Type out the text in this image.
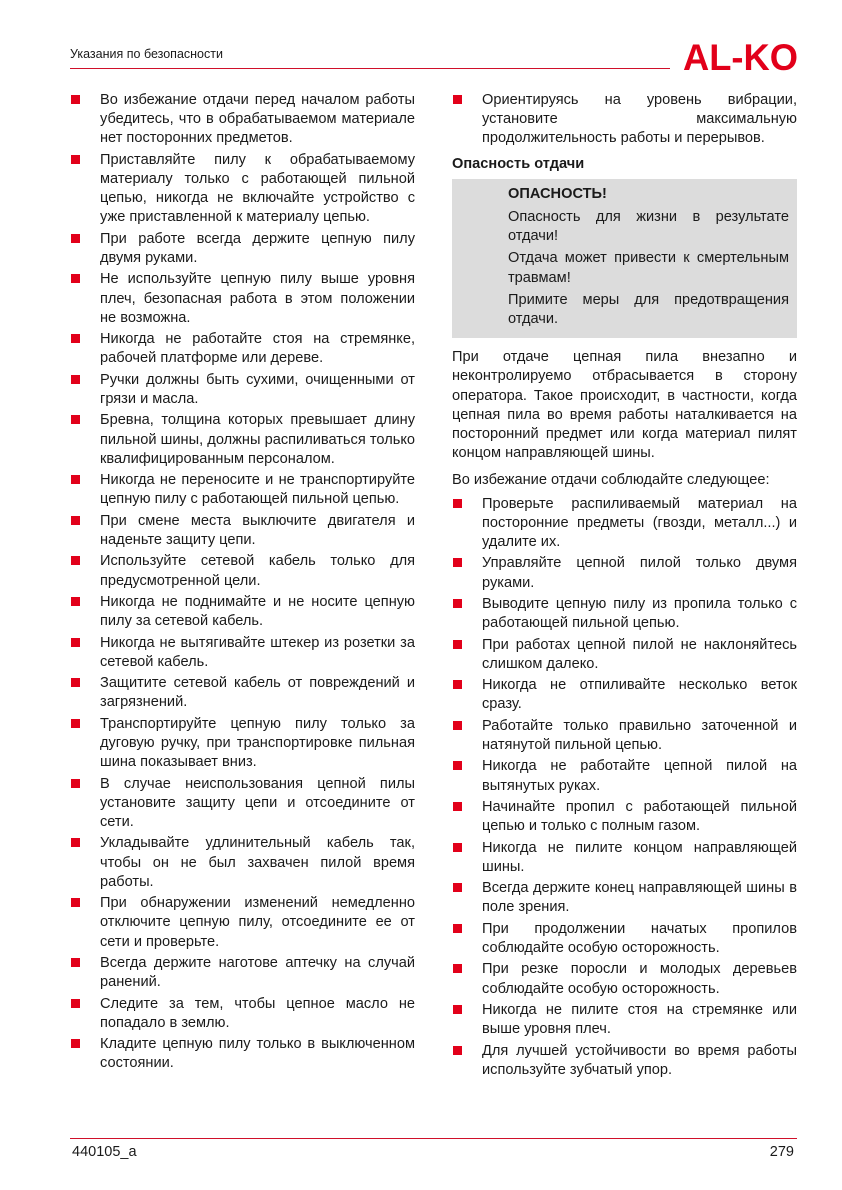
Указания по безопасности	AL-KO
Во избежание отдачи перед началом работы убедитесь, что в обрабатываемом материале нет посторонних предметов.
Приставляйте пилу к обрабатываемому материалу только с работающей пильной цепью, никогда не включайте устройство с уже приставленной к материалу цепью.
При работе всегда держите цепную пилу двумя руками.
Не используйте цепную пилу выше уровня плеч, безопасная работа в этом положении не возможна.
Никогда не работайте стоя на стремянке, рабочей платформе или дереве.
Ручки должны быть сухими, очищенными от грязи и масла.
Бревна, толщина которых превышает длину пильной шины, должны распиливаться только квалифицированным персоналом.
Никогда не переносите и не транспортируйте цепную пилу с работающей пильной цепью.
При смене места выключите двигателя и наденьте защиту цепи.
Используйте сетевой кабель только для предусмотренной цели.
Никогда не поднимайте и не носите цепную пилу за сетевой кабель.
Никогда не вытягивайте штекер из розетки за сетевой кабель.
Защитите сетевой кабель от повреждений и загрязнений.
Транспортируйте цепную пилу только за дуговую ручку, при транспортировке пильная шина показывает вниз.
В случае неиспользования цепной пилы установите защиту цепи и отсоедините от сети.
Укладывайте удлинительный кабель так, чтобы он не был захвачен пилой время работы.
При обнаружении изменений немедленно отключите цепную пилу, отсоедините ее от сети и проверьте.
Всегда держите наготове аптечку на случай ранений.
Следите за тем, чтобы цепное масло не попадало в землю.
Кладите цепную пилу только в выключенном состоянии.
Ориентируясь на уровень вибрации, установите максимальную продолжительность работы и перерывов.
Опасность отдачи

ОПАСНОСТЬ!

Опасность для жизни в результате отдачи!

Отдача может привести к смертельным травмам!

Примите меры для предотвращения отдачи.

При отдаче цепная пила внезапно и неконтролируемо отбрасывается в сторону оператора. Такое происходит, в частности, когда цепная пила во время работы наталкивается на посторонний предмет или когда материал пилят концом направляющей шины.

Во избежание отдачи соблюдайте следующее:

Проверьте распиливаемый материал на посторонние предметы (гвозди, металл...) и удалите их.
Управляйте цепной пилой только двумя руками.
Выводите цепную пилу из пропила только с работающей пильной цепью.
При работах цепной пилой не наклоняйтесь слишком далеко.
Никогда не отпиливайте несколько веток сразу.
Работайте только правильно заточенной и натянутой пильной цепью.
Никогда не работайте цепной пилой на вытянутых руках.
Начинайте пропил с работающей пильной цепью и только с полным газом.
Никогда не пилите концом направляющей шины.
Всегда держите конец направляющей шины в поле зрения.
При продолжении начатых пропилов соблюдайте особую осторожность.
При резке поросли и молодых деревьев соблюдайте особую осторожность.
Никогда не пилите стоя на стремянке или выше уровня плеч.
Для лучшей устойчивости во время работы используйте зубчатый упор.
440105_a	279
